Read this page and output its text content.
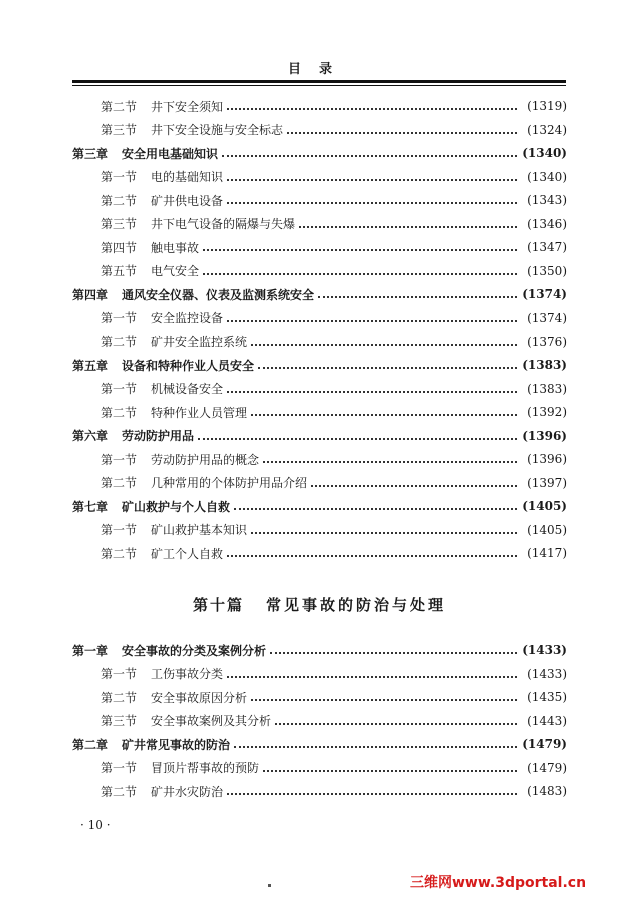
目录
第二节 井下安全须知	(1319)
第三节 井下安全设施与安全标志	(1324)
第三章 安全用电基础知识	(1340)
第一节 电的基础知识	(1340)
第二节 矿井供电设备	(1343)
第三节 井下电气设备的隔爆与失爆	(1346)
第四节 触电事故	(1347)
第五节 电气安全	(1350)
第四章 通风安全仪器、仪表及监测系统安全	(1374)
第一节 安全监控设备	(1374)
第二节 矿井安全监控系统	(1376)
第五章 设备和特种作业人员安全	(1383)
第一节 机械设备安全	(1383)
第二节 特种作业人员管理	(1392)
第六章 劳动防护用品	(1396)
第一节 劳动防护用品的概念	(1396)
第二节 几种常用的个体防护用品介绍	(1397)
第七章 矿山救护与个人自救	(1405)
第一节 矿山救护基本知识	(1405)
第二节 矿工个人自救	(1417)
第一章 安全事故的分类及案例分析	(1433)
第一节 工伤事故分类	(1433)
第二节 安全事故原因分析	(1435)
第三节 安全事故案例及其分析	(1443)
第二章 矿井常见事故的防治	(1479)
第一节 冒顶片帮事故的预防	(1479)
第二节 矿井水灾防治	(1483)
第十篇 常见事故的防治与处理
· 10 ·
三维网www.3dportal.cn
